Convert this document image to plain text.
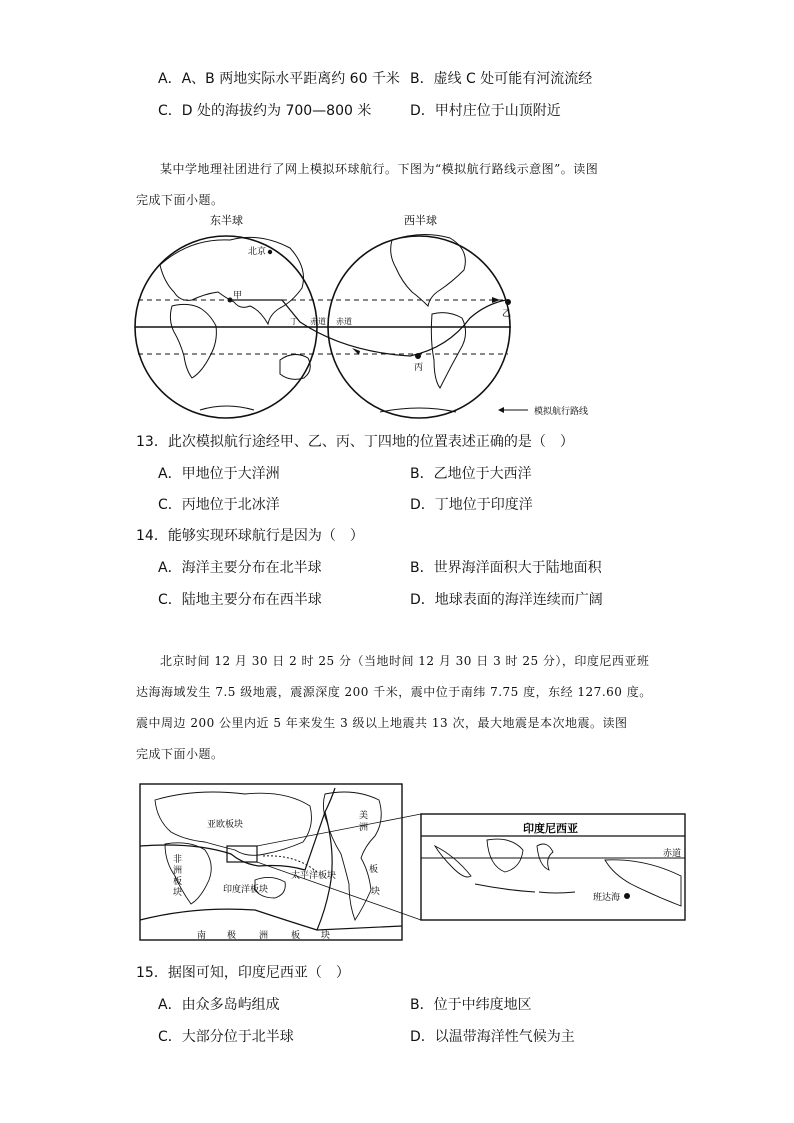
A．A、B 两地实际水平距离约 60 千米 B．虚线 C 处可能有河流流经
C．D 处的海拔约为 700—800 米	D．甲村庄位于山顶附近
某中学地理社团进行了网上模拟环球航行。下图为“模拟航行路线示意图”。读图
完成下面小题。
东半球	西半球
北京
甲
乙
丙
丁 赤道 赤道
模拟航行路线
13．此次模拟航行途经甲、乙、丙、丁四地的位置表述正确的是（　）
A．甲地位于大洋洲	B．乙地位于大西洋
C．丙地位于北冰洋	D．丁地位于印度洋
14．能够实现环球航行是因为（　）
A．海洋主要分布在北半球	B．世界海洋面积大于陆地面积
C．陆地主要分布在西半球	D．地球表面的海洋连续而广阔
北京时间 12 月 30 日 2 时 25 分（当地时间 12 月 30 日 3 时 25 分），印度尼西亚班
达海海域发生 7.5 级地震，震源深度 200 千米，震中位于南纬 7.75 度，东经 127.60 度。
震中周边 200 公里内近 5 年来发生 3 级以上地震共 13 次，最大地震是本次地震。读图
完成下面小题。
亚欧板块
非
洲
板
块
美
洲
板
块
印度洋板块
太平洋板块
南 极	洲	板 块
印度尼西亚
赤道
班达海
15．据图可知，印度尼西亚（　）
A．由众多岛屿组成	B．位于中纬度地区
C．大部分位于北半球	D．以温带海洋性气候为主
